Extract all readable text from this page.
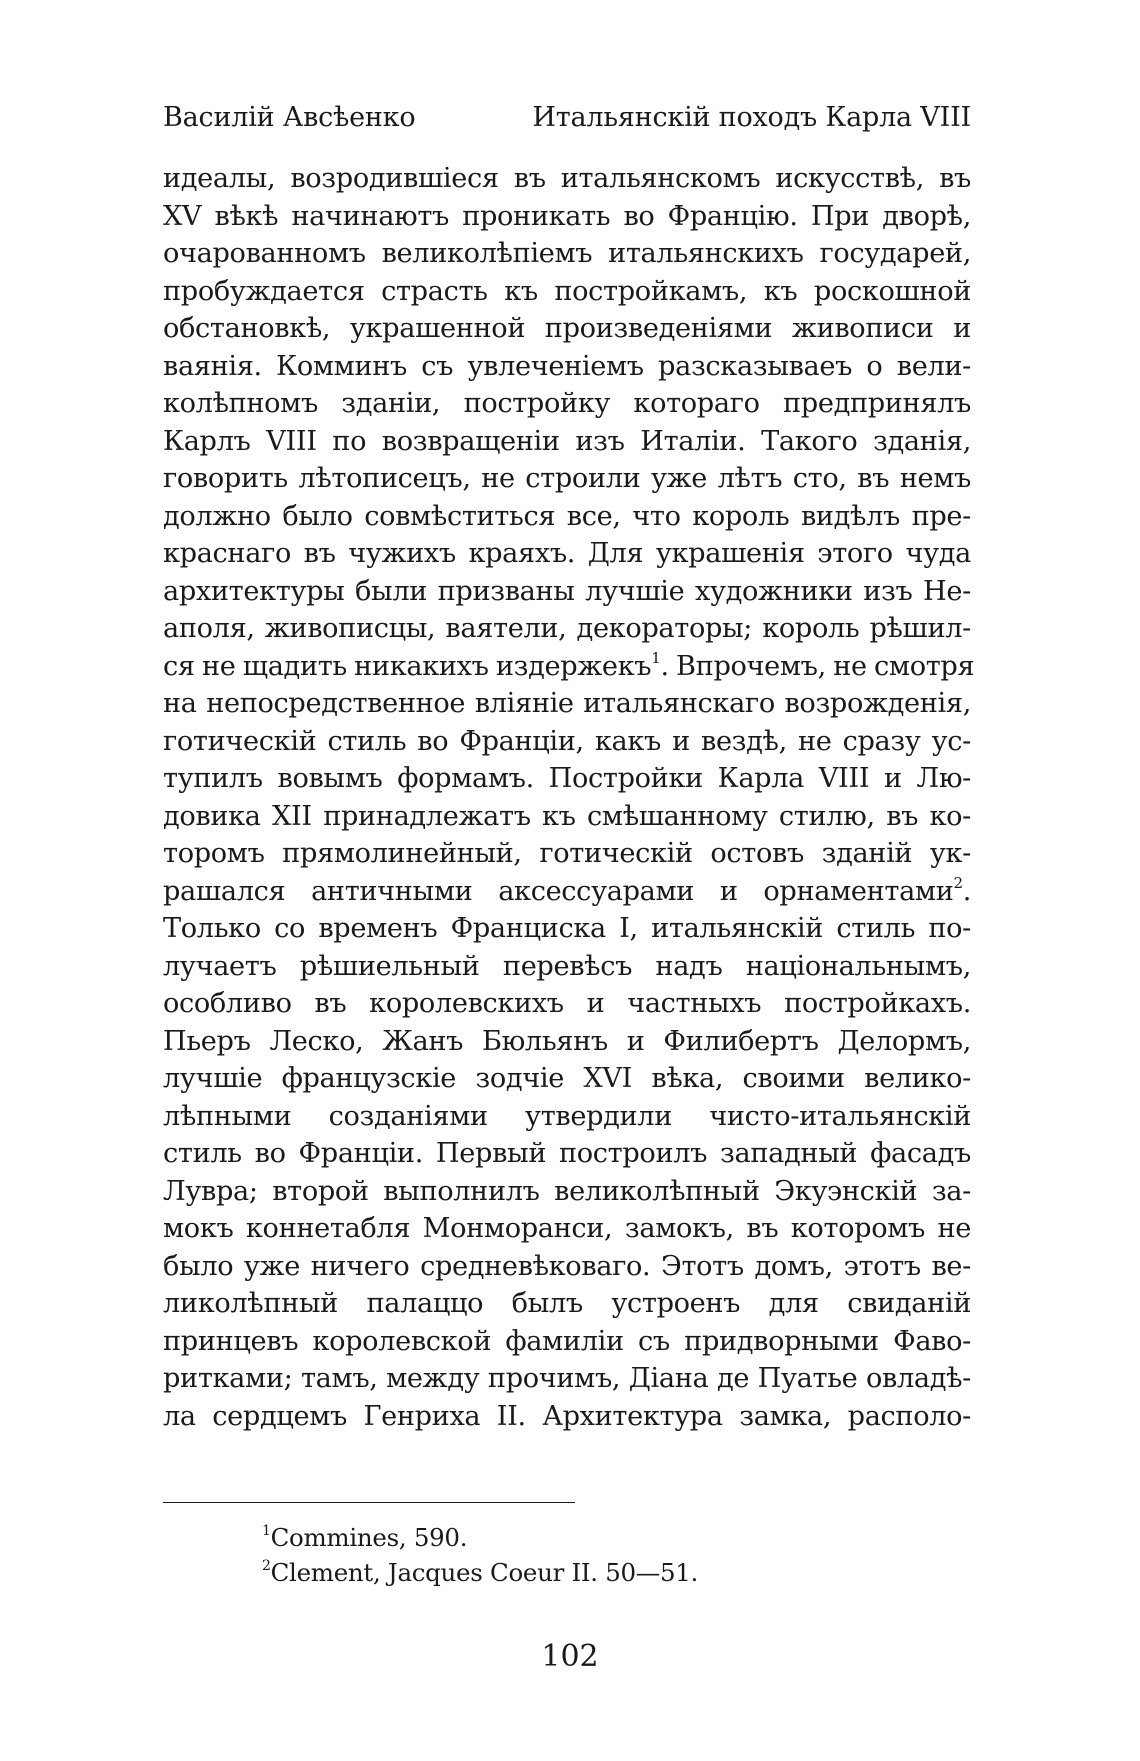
Василій Авсѣенко	Итальянскій походъ Карла VIII
идеалы, возродившіеся въ итальянскомъ искусствѣ, въ
XV вѣкѣ начинаютъ проникать во Францію. При дворѣ,
очарованномъ великолѣпіемъ итальянскихъ государей,
пробуждается страсть къ постройкамъ, къ роскошной
обстановкѣ, украшенной произведеніями живописи и
ваянія. Комминъ съ увлеченіемъ разсказываеъ о вели-
колѣпномъ зданіи, постройку котораго предпринялъ
Карлъ VIII по возвращеніи изъ Италіи. Такого зданія,
говорить лѣтописецъ, не строили уже лѣтъ сто, въ немъ
должно было совмѣститься все, что король видѣлъ пре-
краснаго въ чужихъ краяхъ. Для украшенія этого чуда
архитектуры были призваны лучшіе художники изъ Не-
аполя, живописцы, ваятели, декораторы; король рѣшил-
ся не щадить никакихъ издержекъ$^1$. Впрочемъ, не смотря
на непосредственное вліяніе итальянскаго возрожденія,
готическій стиль во Франціи, какъ и вездѣ, не сразу ус-
тупилъ вовымъ формамъ. Постройки Карла VIII и Лю-
довика XII принадлежатъ къ смѣшанному стилю, въ ко-
торомъ прямолинейный, готическій остовъ зданій ук-
рашался античными аксессуарами и орнаментами$^2$.
Только со временъ Франциска I, итальянскій стиль по-
лучаетъ рѣшиельный перевѣсъ надъ національнымъ,
особливо въ королевскихъ и частныхъ постройкахъ.
Пьеръ Леско, Жанъ Бюльянъ и Филибертъ Делормъ,
лучшіе французскіе зодчіе XVI вѣка, своими велико-
лѣпными созданіями утвердили чисто-итальянскій
стиль во Франціи. Первый построилъ западный фасадъ
Лувра; второй выполнилъ великолѣпный Экуэнскій за-
мокъ коннетабля Монморанси, замокъ, въ которомъ не
было уже ничего средневѣковаго. Этотъ домъ, этотъ ве-
ликолѣпный палаццо былъ устроенъ для свиданій
принцевъ королевской фамиліи съ придворными Фаво-
ритками; тамъ, между прочимъ, Діана де Пуатье овладѣ-
ла сердцемъ Генриха II. Архитектура замка, располо-
$^1$Commines, 590.
$^2$Clement, Jacques Coeur II. 50—51.
102
